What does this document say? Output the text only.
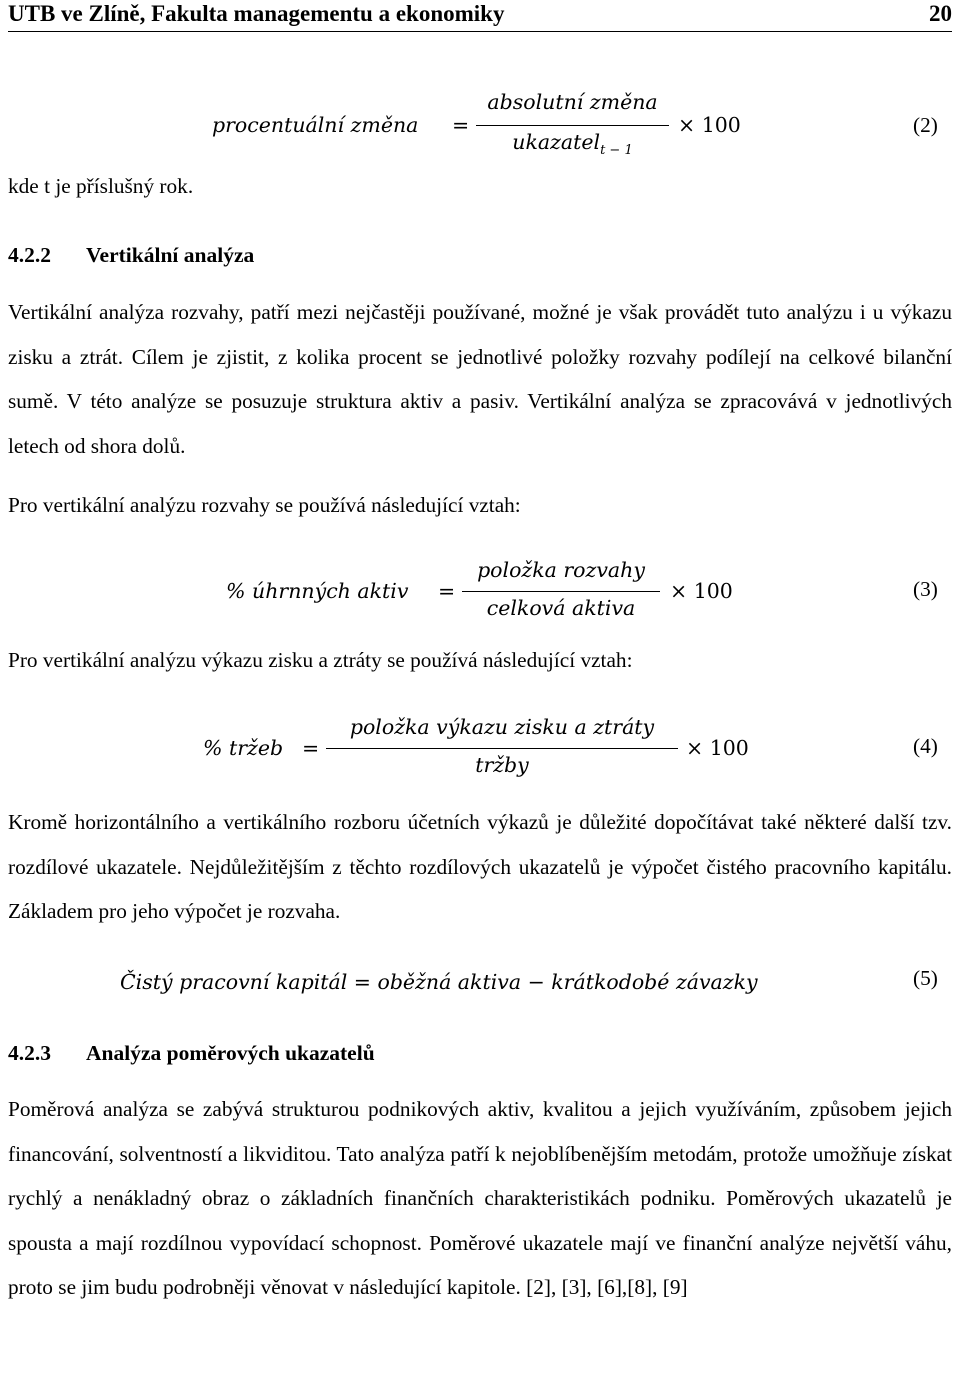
UTB ve Zlíně, Fakulta managementu a ekonomiky	20
procentuální změna =
absolutní změna
ukazatel$_{t - 1}$
× 100	(2)
kde t je příslušný rok.
4.2.2 Vertikální analýza
Vertikální analýza rozvahy, patří mezi nejčastěji používané, možné je však provádět tuto analýzu i u výkazu zisku a ztrát. Cílem je zjistit, z kolika procent se jednotlivé položky rozvahy podílejí na celkové bilanční sumě. V této analýze se posuzuje struktura aktiv a pasiv. Vertikální analýza se zpracovává v jednotlivých letech od shora dolů.
Pro vertikální analýzu rozvahy se používá následující vztah:
% úhrnných aktiv =
položka rozvahy
celková aktiva
× 100	(3)
Pro vertikální analýzu výkazu zisku a ztráty se používá následující vztah:
% tržeb =
položka výkazu zisku a ztráty
tržby
× 100	(4)
Kromě horizontálního a vertikálního rozboru účetních výkazů je důležité dopočítávat také některé další tzv. rozdílové ukazatele. Nejdůležitějším z těchto rozdílových ukazatelů je výpočet čistého pracovního kapitálu. Základem pro jeho výpočet je rozvaha.
Čistý pracovní kapitál = oběžná aktiva − krátkodobé závazky	(5)
4.2.3 Analýza poměrových ukazatelů
Poměrová analýza se zabývá strukturou podnikových aktiv, kvalitou a jejich využíváním, způsobem jejich financování, solventností a likviditou. Tato analýza patří k nejoblíbenějším metodám, protože umožňuje získat rychlý a nenákladný obraz o základních finančních charakteristikách podniku. Poměrových ukazatelů je spousta a mají rozdílnou vypovídací schopnost. Poměrové ukazatele mají ve finanční analýze největší váhu, proto se jim budu podrobněji věnovat v následující kapitole. [2], [3], [6],[8], [9]
